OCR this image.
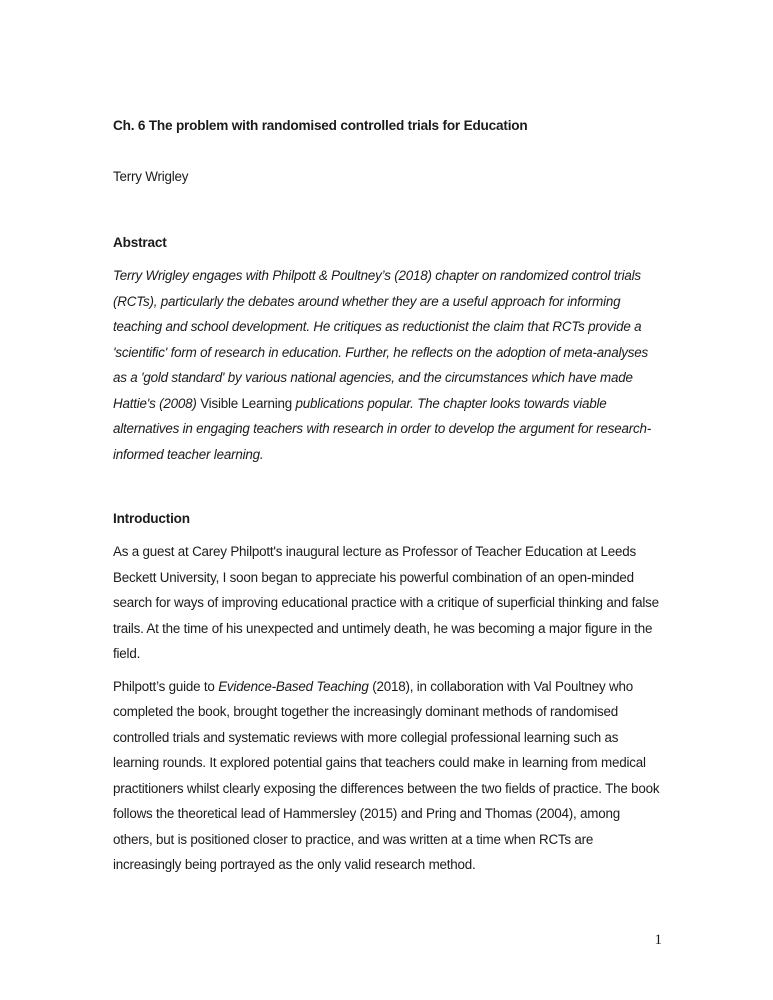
Ch. 6 The problem with randomised controlled trials for Education

Terry Wrigley

Abstract

Terry Wrigley engages with Philpott & Poultney’s (2018) chapter on randomized control trials (RCTs), particularly the debates around whether they are a useful approach for informing teaching and school development. He critiques as reductionist the claim that RCTs provide a 'scientific' form of research in education. Further, he reflects on the adoption of meta-analyses as a 'gold standard' by various national agencies, and the circumstances which have made Hattie's (2008) Visible Learning publications popular. The chapter looks towards viable alternatives in engaging teachers with research in order to develop the argument for research-informed teacher learning.

Introduction

As a guest at Carey Philpott's inaugural lecture as Professor of Teacher Education at Leeds Beckett University, I soon began to appreciate his powerful combination of an open-minded search for ways of improving educational practice with a critique of superficial thinking and false trails. At the time of his unexpected and untimely death, he was becoming a major figure in the field.

Philpott’s guide to Evidence-Based Teaching (2018), in collaboration with Val Poultney who completed the book, brought together the increasingly dominant methods of randomised controlled trials and systematic reviews with more collegial professional learning such as learning rounds. It explored potential gains that teachers could make in learning from medical practitioners whilst clearly exposing the differences between the two fields of practice. The book follows the theoretical lead of Hammersley (2015) and Pring and Thomas (2004), among others, but is positioned closer to practice, and was written at a time when RCTs are increasingly being portrayed as the only valid research method.

1
